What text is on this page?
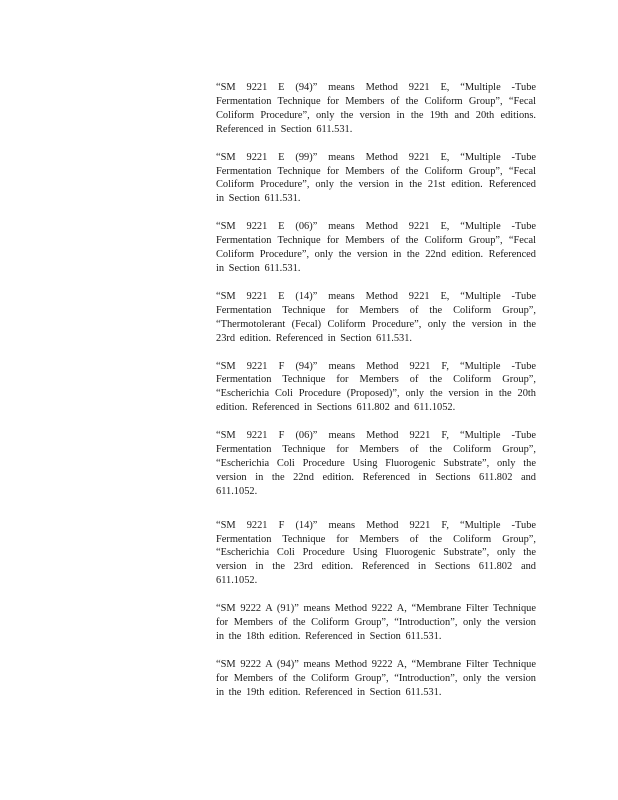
“SM 9221 E (94)” means Method 9221 E, “Multiple -Tube Fermentation Technique for Members of the Coliform Group”, “Fecal Coliform Procedure”, only the version in the 19th and 20th editions. Referenced in Section 611.531.

“SM 9221 E (99)” means Method 9221 E, “Multiple -Tube Fermentation Technique for Members of the Coliform Group”, “Fecal Coliform Procedure”, only the version in the 21st edition. Referenced in Section 611.531.

“SM 9221 E (06)” means Method 9221 E, “Multiple -Tube Fermentation Technique for Members of the Coliform Group”, “Fecal Coliform Procedure”, only the version in the 22nd edition. Referenced in Section 611.531.

“SM 9221 E (14)” means Method 9221 E, “Multiple -Tube Fermentation Technique for Members of the Coliform Group”, “Thermotolerant (Fecal) Coliform Procedure”, only the version in the 23rd edition. Referenced in Section 611.531.

“SM 9221 F (94)” means Method 9221 F, “Multiple -Tube Fermentation Technique for Members of the Coliform Group”, “Escherichia Coli Procedure (Proposed)”, only the version in the 20th edition. Referenced in Sections 611.802 and 611.1052.

“SM 9221 F (06)” means Method 9221 F, “Multiple -Tube Fermentation Technique for Members of the Coliform Group”, “Escherichia Coli Procedure Using Fluorogenic Substrate”, only the version in the 22nd edition. Referenced in Sections 611.802 and 611.1052.

“SM 9221 F (14)” means Method 9221 F, “Multiple -Tube Fermentation Technique for Members of the Coliform Group”, “Escherichia Coli Procedure Using Fluorogenic Substrate”, only the version in the 23rd edition. Referenced in Sections 611.802 and 611.1052.

“SM 9222 A (91)” means Method 9222 A, “Membrane Filter Technique for Members of the Coliform Group”, “Introduction”, only the version in the 18th edition. Referenced in Section 611.531.

“SM 9222 A (94)” means Method 9222 A, “Membrane Filter Technique for Members of the Coliform Group”, “Introduction”, only the version in the 19th edition. Referenced in Section 611.531.
